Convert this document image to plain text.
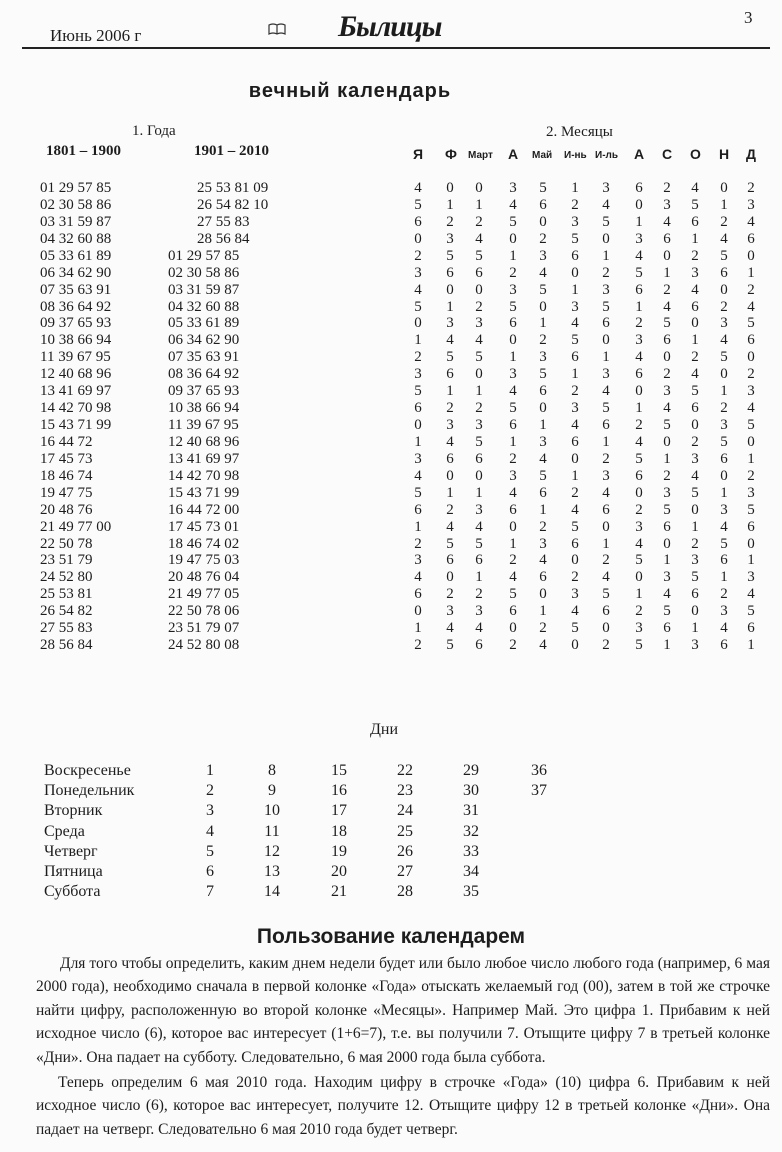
Июнь 2006 г	Былицы	3
вечный календарь
1. Года	2. Месяцы
1801 – 1900	1901 – 2010	Я Ф Март А Май И-нь И-ль А С О Н Д
01 29 57 85	25 53 81 09	4 0 0 3 5 1 3 6 2 4 0 2
02 30 58 86	26 54 82 10	5 1 1 4 6 2 4 0 3 5 1 3
03 31 59 87	27 55 83	6 2 2 5 0 3 5 1 4 6 2 4
04 32 60 88	28 56 84	0 3 4 0 2 5 0 3 6 1 4 6
05 33 61 89	01 29 57 85	2 5 5 1 3 6 1 4 0 2 5 0
06 34 62 90	02 30 58 86	3 6 6 2 4 0 2 5 1 3 6 1
07 35 63 91	03 31 59 87	4 0 0 3 5 1 3 6 2 4 0 2
08 36 64 92	04 32 60 88	5 1 2 5 0 3 5 1 4 6 2 4
09 37 65 93	05 33 61 89	0 3 3 6 1 4 6 2 5 0 3 5
10 38 66 94	06 34 62 90	1 4 4 0 2 5 0 3 6 1 4 6
11 39 67 95	07 35 63 91	2 5 5 1 3 6 1 4 0 2 5 0
12 40 68 96	08 36 64 92	3 6 0 3 5 1 3 6 2 4 0 2
13 41 69 97	09 37 65 93	5 1 1 4 6 2 4 0 3 5 1 3
14 42 70 98	10 38 66 94	6 2 2 5 0 3 5 1 4 6 2 4
15 43 71 99	11 39 67 95	0 3 3 6 1 4 6 2 5 0 3 5
16 44 72	12 40 68 96	1 4 5 1 3 6 1 4 0 2 5 0
17 45 73	13 41 69 97	3 6 6 2 4 0 2 5 1 3 6 1
18 46 74	14 42 70 98	4 0 0 3 5 1 3 6 2 4 0 2
19 47 75	15 43 71 99	5 1 1 4 6 2 4 0 3 5 1 3
20 48 76	16 44 72 00	6 2 3 6 1 4 6 2 5 0 3 5
21 49 77 00	17 45 73 01	1 4 4 0 2 5 0 3 6 1 4 6
22 50 78	18 46 74 02	2 5 5 1 3 6 1 4 0 2 5 0
23 51 79	19 47 75 03	3 6 6 2 4 0 2 5 1 3 6 1
24 52 80	20 48 76 04	4 0 1 4 6 2 4 0 3 5 1 3
25 53 81	21 49 77 05	6 2 2 5 0 3 5 1 4 6 2 4
26 54 82	22 50 78 06	0 3 3 6 1 4 6 2 5 0 3 5
27 55 83	23 51 79 07	1 4 4 0 2 5 0 3 6 1 4 6
28 56 84	24 52 80 08	2 5 6 2 4 0 2 5 1 3 6 1
Дни
Воскресенье	1	8	15	22	29	36
Понедельник	2	9	16	23	30	37
Вторник	3	10	17	24	31
Среда	4	11	18	25	32
Четверг	5	12	19	26	33
Пятница	6	13	20	27	34
Суббота	7	14	21	28	35
Пользование календарем
Для того чтобы определить, каким днем недели будет или было любое число любого года (например, 6 мая 2000 года), необходимо сначала в первой колонке «Года» отыскать желаемый год (00), затем в той же строчке найти цифру, расположенную во второй колонке «Месяцы». Например Май. Это цифра 1. Прибавим к ней исходное число (6), которое вас интересует (1+6=7), т.е. вы получили 7. Отыщите цифру 7 в третьей колонке «Дни». Она падает на субботу. Следовательно, 6 мая 2000 года была суббота.
Теперь определим 6 мая 2010 года. Находим цифру в строчке «Года» (10) цифра 6. Прибавим к ней исходное число (6), которое вас интересует, получите 12. Отыщите цифру 12 в третьей колонке «Дни». Она падает на четверг. Следовательно 6 мая 2010 года будет четверг.
